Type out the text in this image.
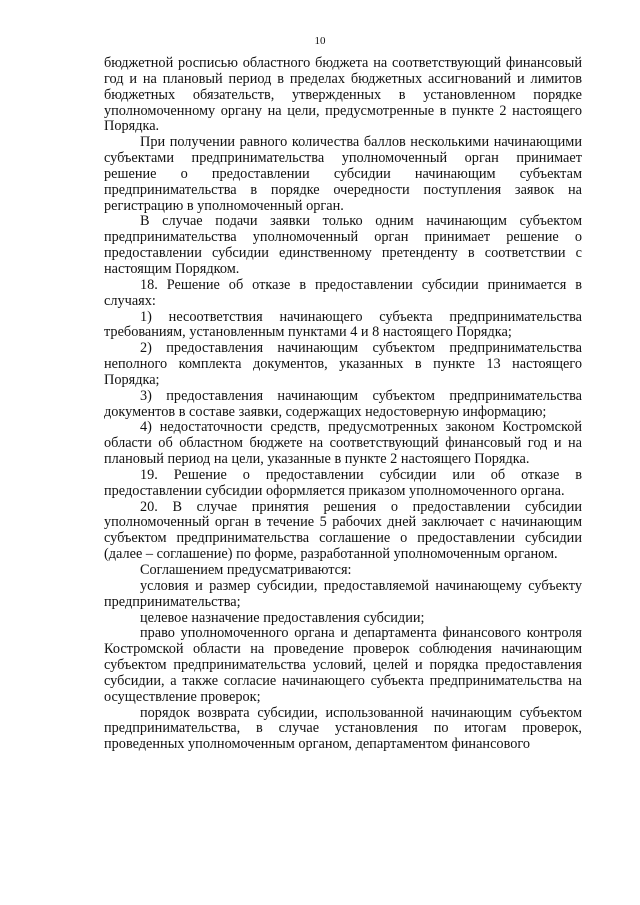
10

бюджетной росписью областного бюджета на соответствующий финансовый год и на плановый период в пределах бюджетных ассигнований и лимитов бюджетных обязательств, утвержденных в установленном порядке уполномоченному органу на цели, предусмотренные в пункте 2 настоящего Порядка.

При получении равного количества баллов несколькими начинающими субъектами предпринимательства уполномоченный орган принимает решение о предоставлении субсидии начинающим субъектам предпринимательства в порядке очередности поступления заявок на регистрацию в уполномоченный орган.

В случае подачи заявки только одним начинающим субъектом предпринимательства уполномоченный орган принимает решение о предоставлении субсидии единственному претенденту в соответствии с настоящим Порядком.

18. Решение об отказе в предоставлении субсидии принимается в случаях:

1) несоответствия начинающего субъекта предпринимательства требованиям, установленным пунктами 4 и 8 настоящего Порядка;

2) предоставления начинающим субъектом предпринимательства неполного комплекта документов, указанных в пункте 13 настоящего Порядка;

3) предоставления начинающим субъектом предпринимательства документов в составе заявки, содержащих недостоверную информацию;

4) недостаточности средств, предусмотренных законом Костромской области об областном бюджете на соответствующий финансовый год и на плановый период на цели, указанные в пункте 2 настоящего Порядка.

19. Решение о предоставлении субсидии или об отказе в предоставлении субсидии оформляется приказом уполномоченного органа.

20. В случае принятия решения о предоставлении субсидии уполномоченный орган в течение 5 рабочих дней заключает с начинающим субъектом предпринимательства соглашение о предоставлении субсидии (далее – соглашение) по форме, разработанной уполномоченным органом.

Соглашением предусматриваются:

условия и размер субсидии, предоставляемой начинающему субъекту предпринимательства;

целевое назначение предоставления субсидии;

право уполномоченного органа и департамента финансового контроля Костромской области на проведение проверок соблюдения начинающим субъектом предпринимательства условий, целей и порядка предоставления субсидии, а также согласие начинающего субъекта предпринимательства на осуществление проверок;

порядок возврата субсидии, использованной начинающим субъектом предпринимательства, в случае установления по итогам проверок, проведенных уполномоченным органом, департаментом финансового
